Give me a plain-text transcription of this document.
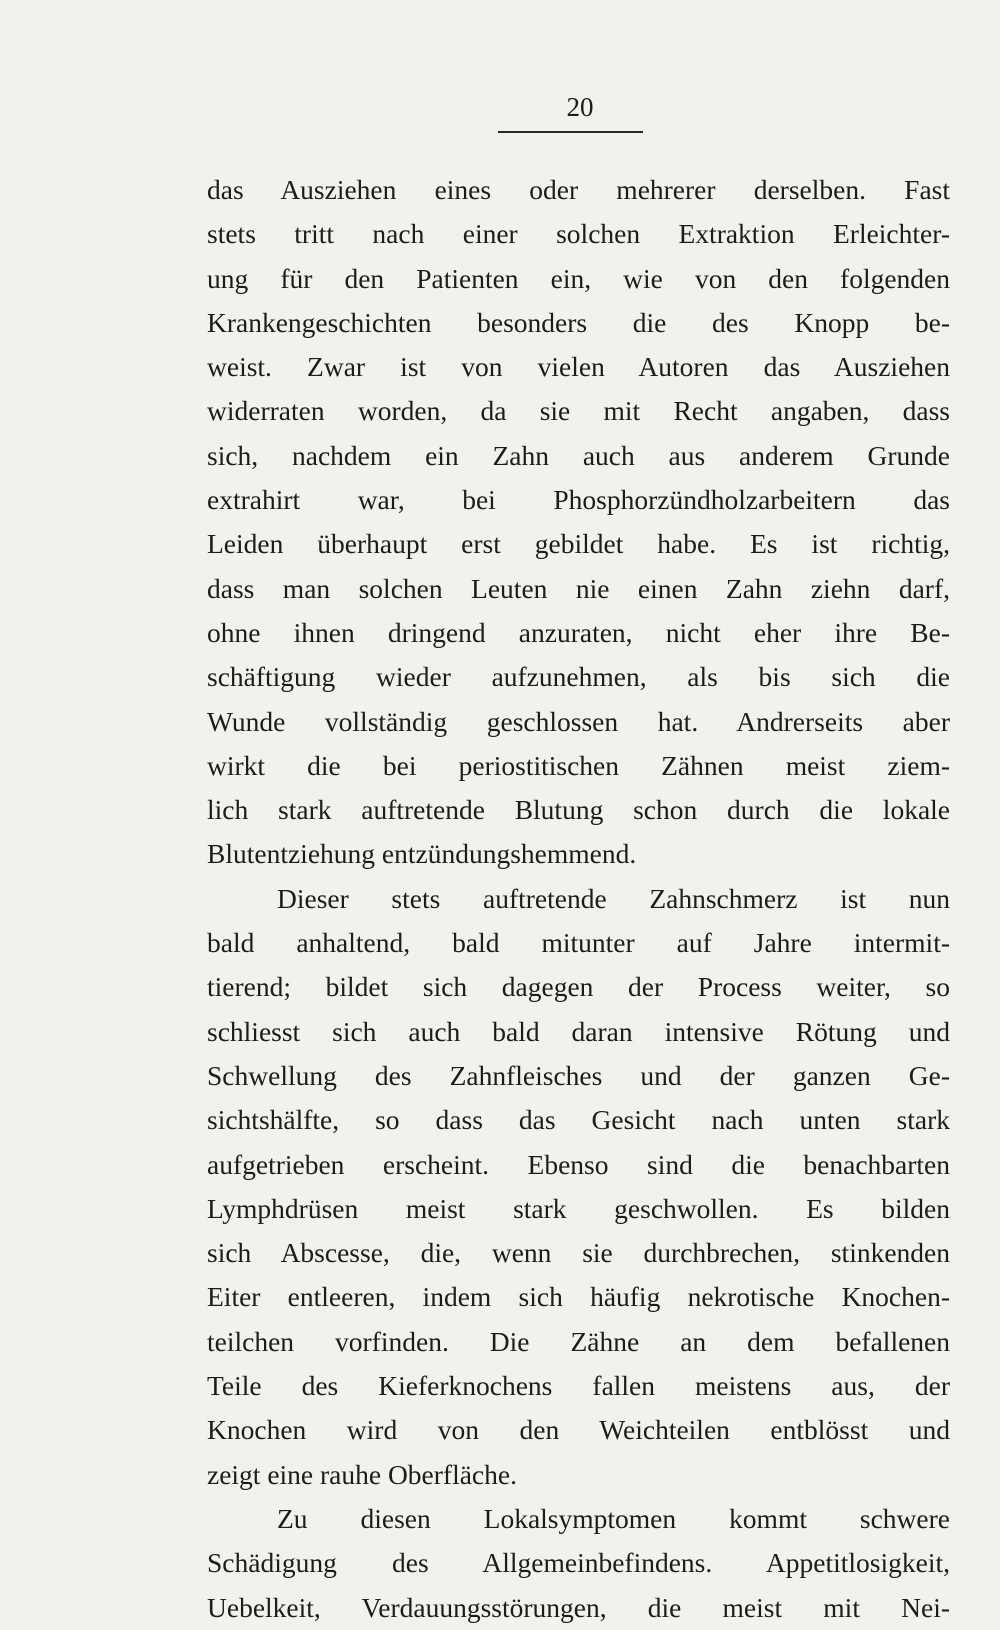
20
das Ausziehen eines oder mehrerer derselben. Fast
stets tritt nach einer solchen Extraktion Erleichter-
ung für den Patienten ein, wie von den folgenden
Krankengeschichten besonders die des Knopp be-
weist. Zwar ist von vielen Autoren das Ausziehen
widerraten worden, da sie mit Recht angaben, dass
sich, nachdem ein Zahn auch aus anderem Grunde
extrahirt war, bei Phosphorzündholzarbeitern das
Leiden überhaupt erst gebildet habe. Es ist richtig,
dass man solchen Leuten nie einen Zahn ziehn darf,
ohne ihnen dringend anzuraten, nicht eher ihre Be-
schäftigung wieder aufzunehmen, als bis sich die
Wunde vollständig geschlossen hat. Andrerseits aber
wirkt die bei periostitischen Zähnen meist ziem-
lich stark auftretende Blutung schon durch die lokale
Blutentziehung entzündungshemmend.
Dieser stets auftretende Zahnschmerz ist nun
bald anhaltend, bald mitunter auf Jahre intermit-
tierend; bildet sich dagegen der Process weiter, so
schliesst sich auch bald daran intensive Rötung und
Schwellung des Zahnfleisches und der ganzen Ge-
sichtshälfte, so dass das Gesicht nach unten stark
aufgetrieben erscheint. Ebenso sind die benachbarten
Lymphdrüsen meist stark geschwollen. Es bilden
sich Abscesse, die, wenn sie durchbrechen, stinkenden
Eiter entleeren, indem sich häufig nekrotische Knochen-
teilchen vorfinden. Die Zähne an dem befallenen
Teile des Kieferknochens fallen meistens aus, der
Knochen wird von den Weichteilen entblösst und
zeigt eine rauhe Oberfläche.
Zu diesen Lokalsymptomen kommt schwere
Schädigung des Allgemeinbefindens. Appetitlosigkeit,
Uebelkeit, Verdauungsstörungen, die meist mit Nei-
